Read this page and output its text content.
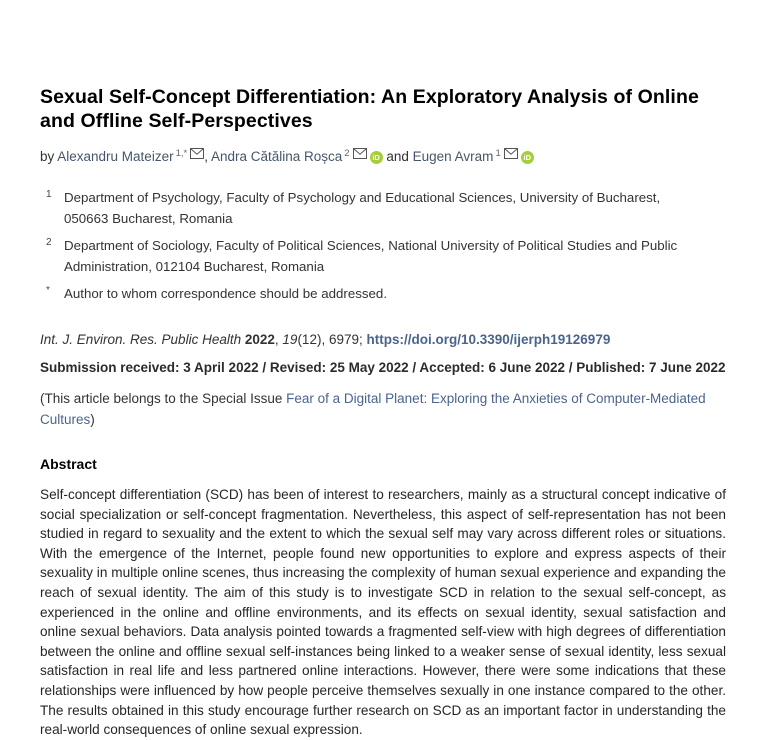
Sexual Self-Concept Differentiation: An Exploratory Analysis of Online and Offline Self-Perspectives
by Alexandru Mateizer $^{1,*}$ , Andra Cătălina Roșca $^2$	iD and Eugen Avram $^1$	iD
1 Department of Psychology, Faculty of Psychology and Educational Sciences, University of Bucharest, 050663 Bucharest, Romania
2 Department of Sociology, Faculty of Political Sciences, National University of Political Studies and Public Administration, 012104 Bucharest, Romania
* Author to whom correspondence should be addressed.
Int. J. Environ. Res. Public Health 2022, 19(12), 6979; https://doi.org/10.3390/ijerph19126979
Submission received: 3 April 2022 / Revised: 25 May 2022 / Accepted: 6 June 2022 / Published: 7 June 2022
(This article belongs to the Special Issue Fear of a Digital Planet: Exploring the Anxieties of Computer-Mediated Cultures)
Abstract
Self-concept differentiation (SCD) has been of interest to researchers, mainly as a structural concept indicative of social specialization or self-concept fragmentation. Nevertheless, this aspect of self-representation has not been studied in regard to sexuality and the extent to which the sexual self may vary across different roles or situations. With the emergence of the Internet, people found new opportunities to explore and express aspects of their sexuality in multiple online scenes, thus increasing the complexity of human sexual experience and expanding the reach of sexual identity. The aim of this study is to investigate SCD in relation to the sexual self-concept, as experienced in the online and offline environments, and its effects on sexual identity, sexual satisfaction and online sexual behaviors. Data analysis pointed towards a fragmented self-view with high degrees of differentiation between the online and offline sexual self-instances being linked to a weaker sense of sexual identity, less sexual satisfaction in real life and less partnered online interactions. However, there were some indications that these relationships were influenced by how people perceive themselves sexually in one instance compared to the other. The results obtained in this study encourage further research on SCD as an important factor in understanding the real-world consequences of online sexual expression.
